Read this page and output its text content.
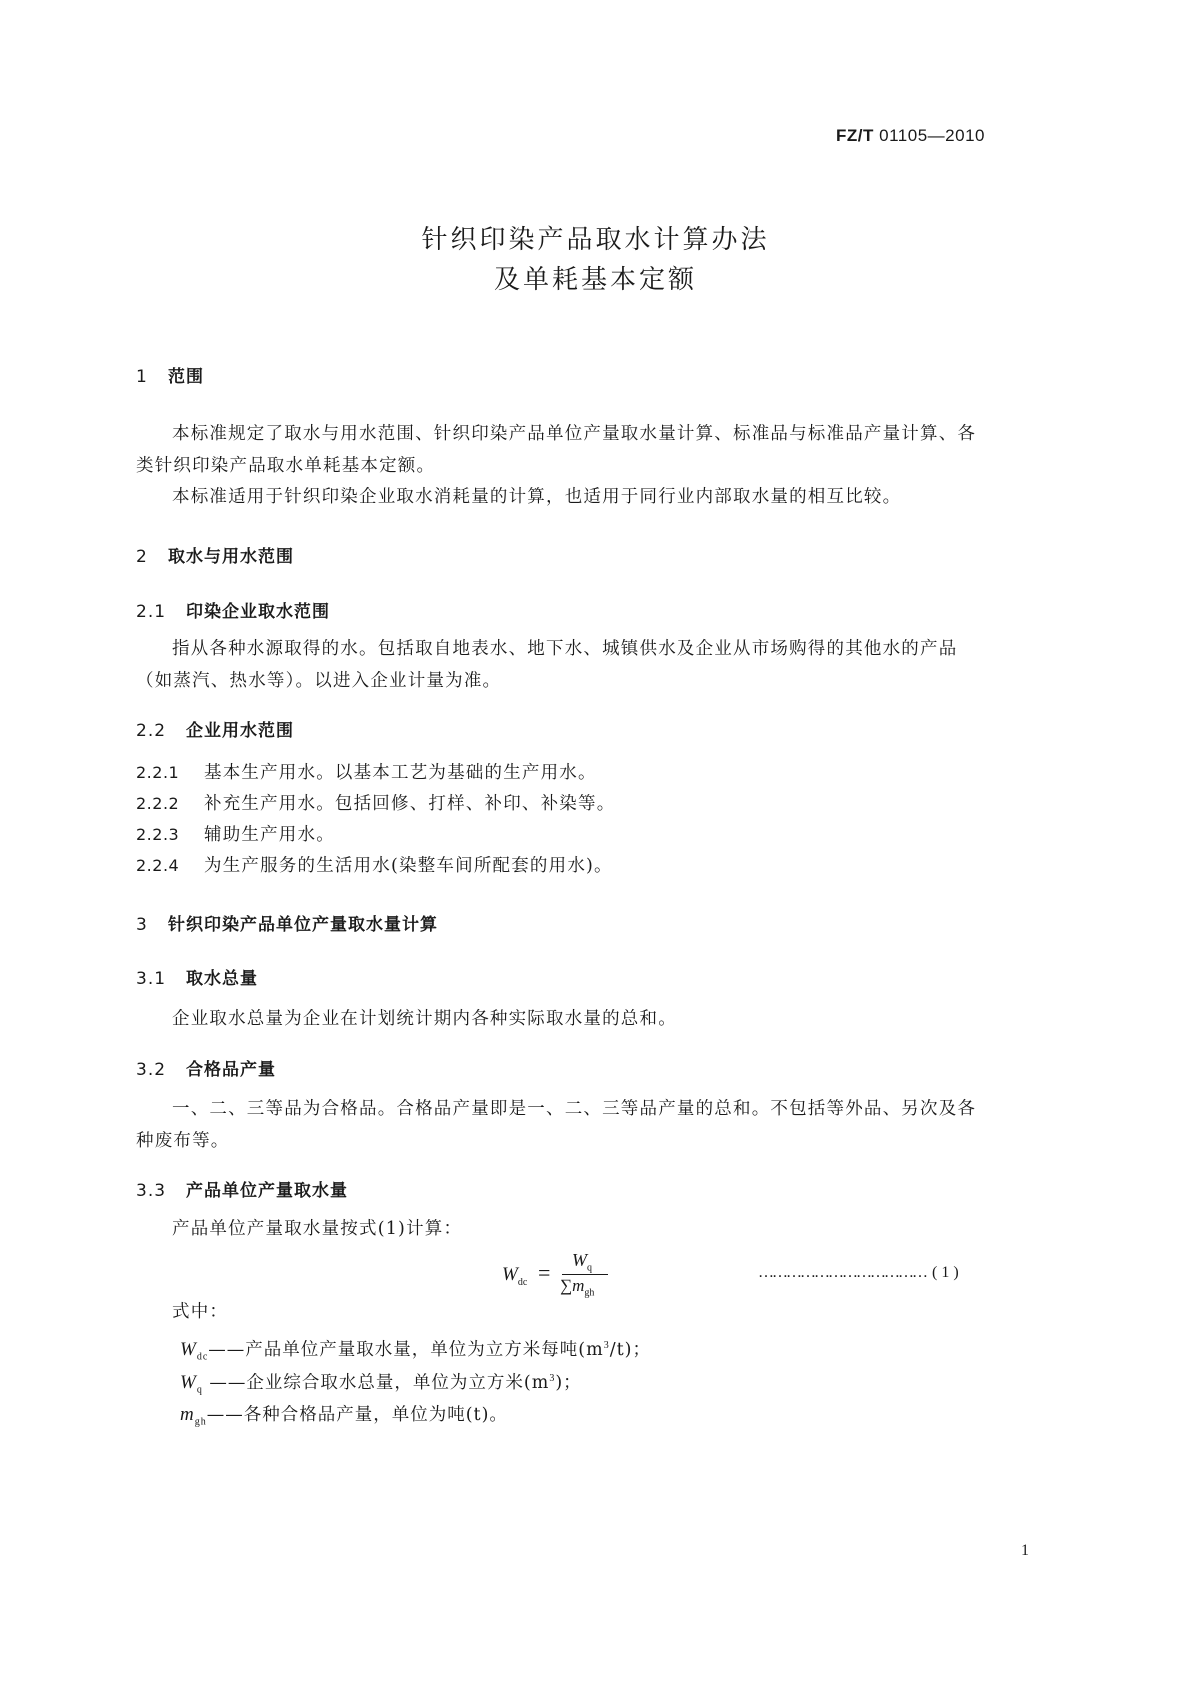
FZ/T 01105—2010
针织印染产品取水计算办法
及单耗基本定额
1 范围
本标准规定了取水与用水范围、针织印染产品单位产量取水量计算、标准品与标准品产量计算、各类针织印染产品取水单耗基本定额。
本标准适用于针织印染企业取水消耗量的计算，也适用于同行业内部取水量的相互比较。
2 取水与用水范围
2.1 印染企业取水范围
指从各种水源取得的水。包括取自地表水、地下水、城镇供水及企业从市场购得的其他水的产品（如蒸汽、热水等）。以进入企业计量为准。
2.2 企业用水范围
2.2.1 基本生产用水。以基本工艺为基础的生产用水。
2.2.2 补充生产用水。包括回修、打样、补印、补染等。
2.2.3 辅助生产用水。
2.2.4 为生产服务的生活用水(染整车间所配套的用水)。
3 针织印染产品单位产量取水量计算
3.1 取水总量
企业取水总量为企业在计划统计期内各种实际取水量的总和。
3.2 合格品产量
一、二、三等品为合格品。合格品产量即是一、二、三等品产量的总和。不包括等外品、另次及各种废布等。
3.3 产品单位产量取水量
产品单位产量取水量按式(1)计算：
$W_{dc} = W_q$
$\sum m_{gh}$
……………………………… ( 1 )
式中：
$W_{dc}——$产品单位产量取水量，单位为立方米每吨$(m^3/t)$；
$W_q$ ——企业综合取水总量，单位为立方米$(m^3)$；
$m_{gh}——$各种合格品产量，单位为吨(t)。
1
